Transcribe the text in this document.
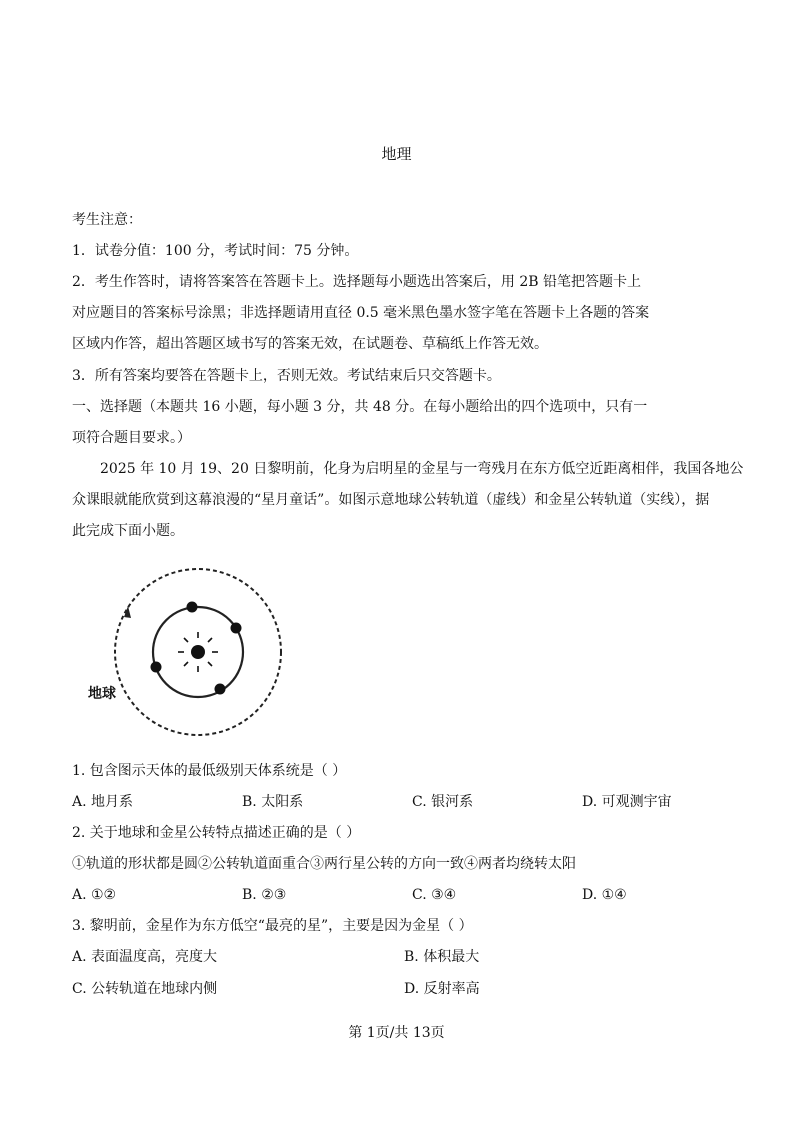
地理
考生注意：
1．试卷分值：100 分，考试时间：75 分钟。
2．考生作答时，请将答案答在答题卡上。选择题每小题选出答案后，用 2B 铅笔把答题卡上
对应题目的答案标号涂黑；非选择题请用直径 0.5 毫米黑色墨水签字笔在答题卡上各题的答案
区域内作答，超出答题区域书写的答案无效，在试题卷、草稿纸上作答无效。
3．所有答案均要答在答题卡上，否则无效。考试结束后只交答题卡。
一、选择题（本题共 16 小题，每小题 3 分，共 48 分。在每小题给出的四个选项中，只有一
项符合题目要求。）
2025 年 10 月 19、20 日黎明前，化身为启明星的金星与一弯残月在东方低空近距离相伴，我国各地公
众课眼就能欣赏到这幕浪漫的“星月童话”。如图示意地球公转轨道（虚线）和金星公转轨道（实线），据
此完成下面小题。
地球
1. 包含图示天体的最低级别天体系统是（ ）
A. 地月系	B. 太阳系	C. 银河系	D. 可观测宇宙
2. 关于地球和金星公转特点描述正确的是（ ）
①轨道的形状都是圆②公转轨道面重合③两行星公转的方向一致④两者均绕转太阳
A. ①②	B. ②③	C. ③④	D. ①④
3. 黎明前，金星作为东方低空“最亮的星”，主要是因为金星（ ）
A. 表面温度高，亮度大	B. 体积最大
C. 公转轨道在地球内侧	D. 反射率高
第 1页/共 13页
